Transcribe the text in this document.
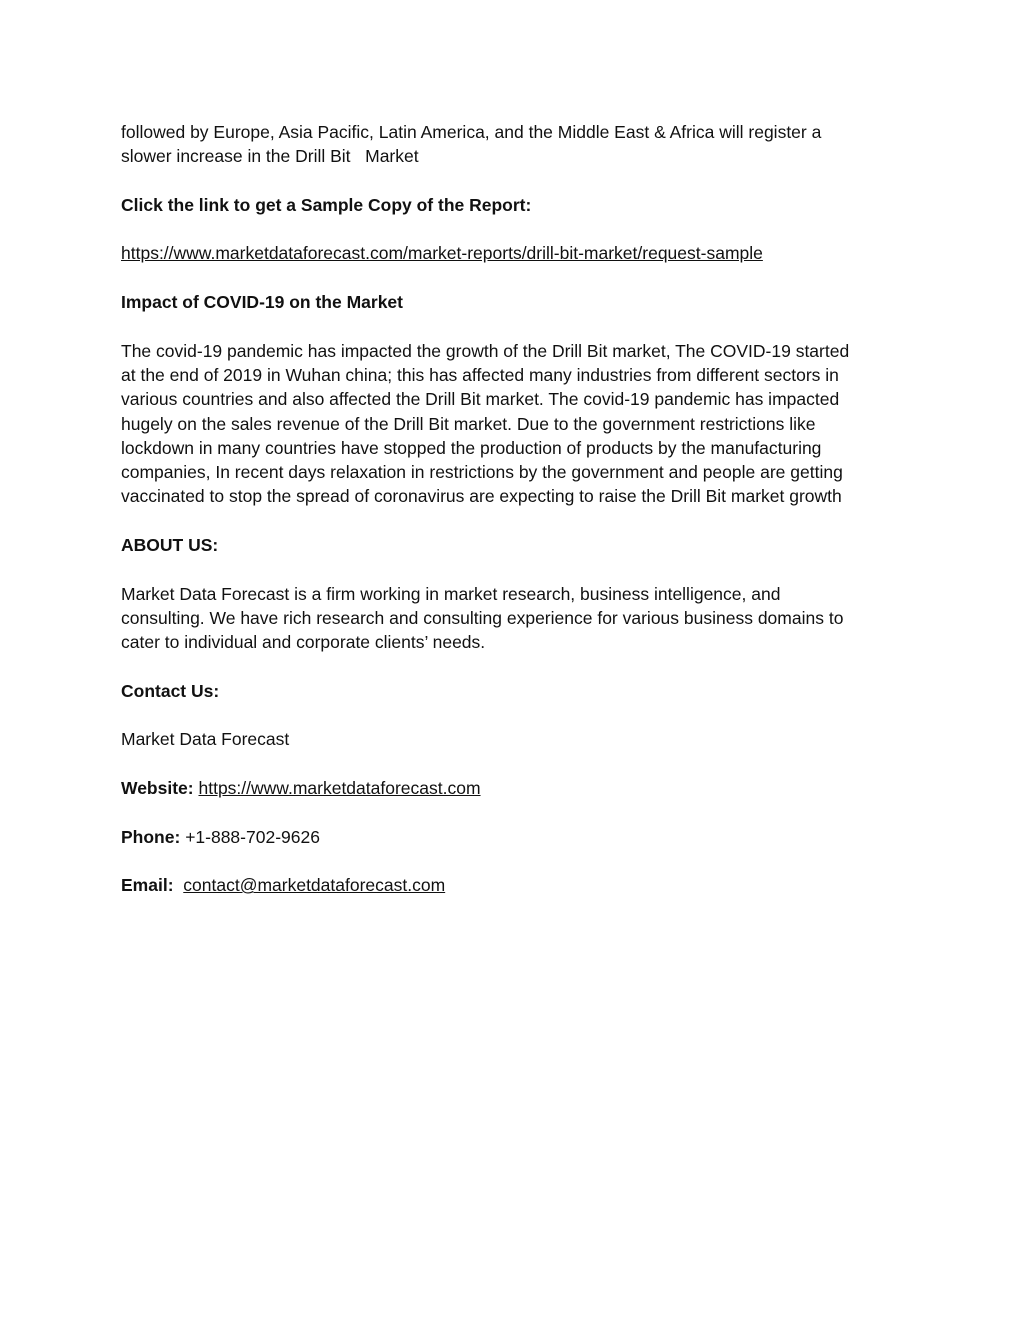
followed by Europe, Asia Pacific, Latin America, and the Middle East & Africa will register a
slower increase in the Drill Bit   Market

Click the link to get a Sample Copy of the Report:

https://www.marketdataforecast.com/market-reports/drill-bit-market/request-sample

Impact of COVID-19 on the Market

The covid-19 pandemic has impacted the growth of the Drill Bit market, The COVID-19 started
at the end of 2019 in Wuhan china; this has affected many industries from different sectors in
various countries and also affected the Drill Bit market. The covid-19 pandemic has impacted
hugely on the sales revenue of the Drill Bit market. Due to the government restrictions like
lockdown in many countries have stopped the production of products by the manufacturing
companies, In recent days relaxation in restrictions by the government and people are getting
vaccinated to stop the spread of coronavirus are expecting to raise the Drill Bit market growth

ABOUT US:

Market Data Forecast is a firm working in market research, business intelligence, and
consulting. We have rich research and consulting experience for various business domains to
cater to individual and corporate clients’ needs.

Contact Us:

Market Data Forecast

Website: https://www.marketdataforecast.com

Phone: +1-888-702-9626

Email: contact@marketdataforecast.com
